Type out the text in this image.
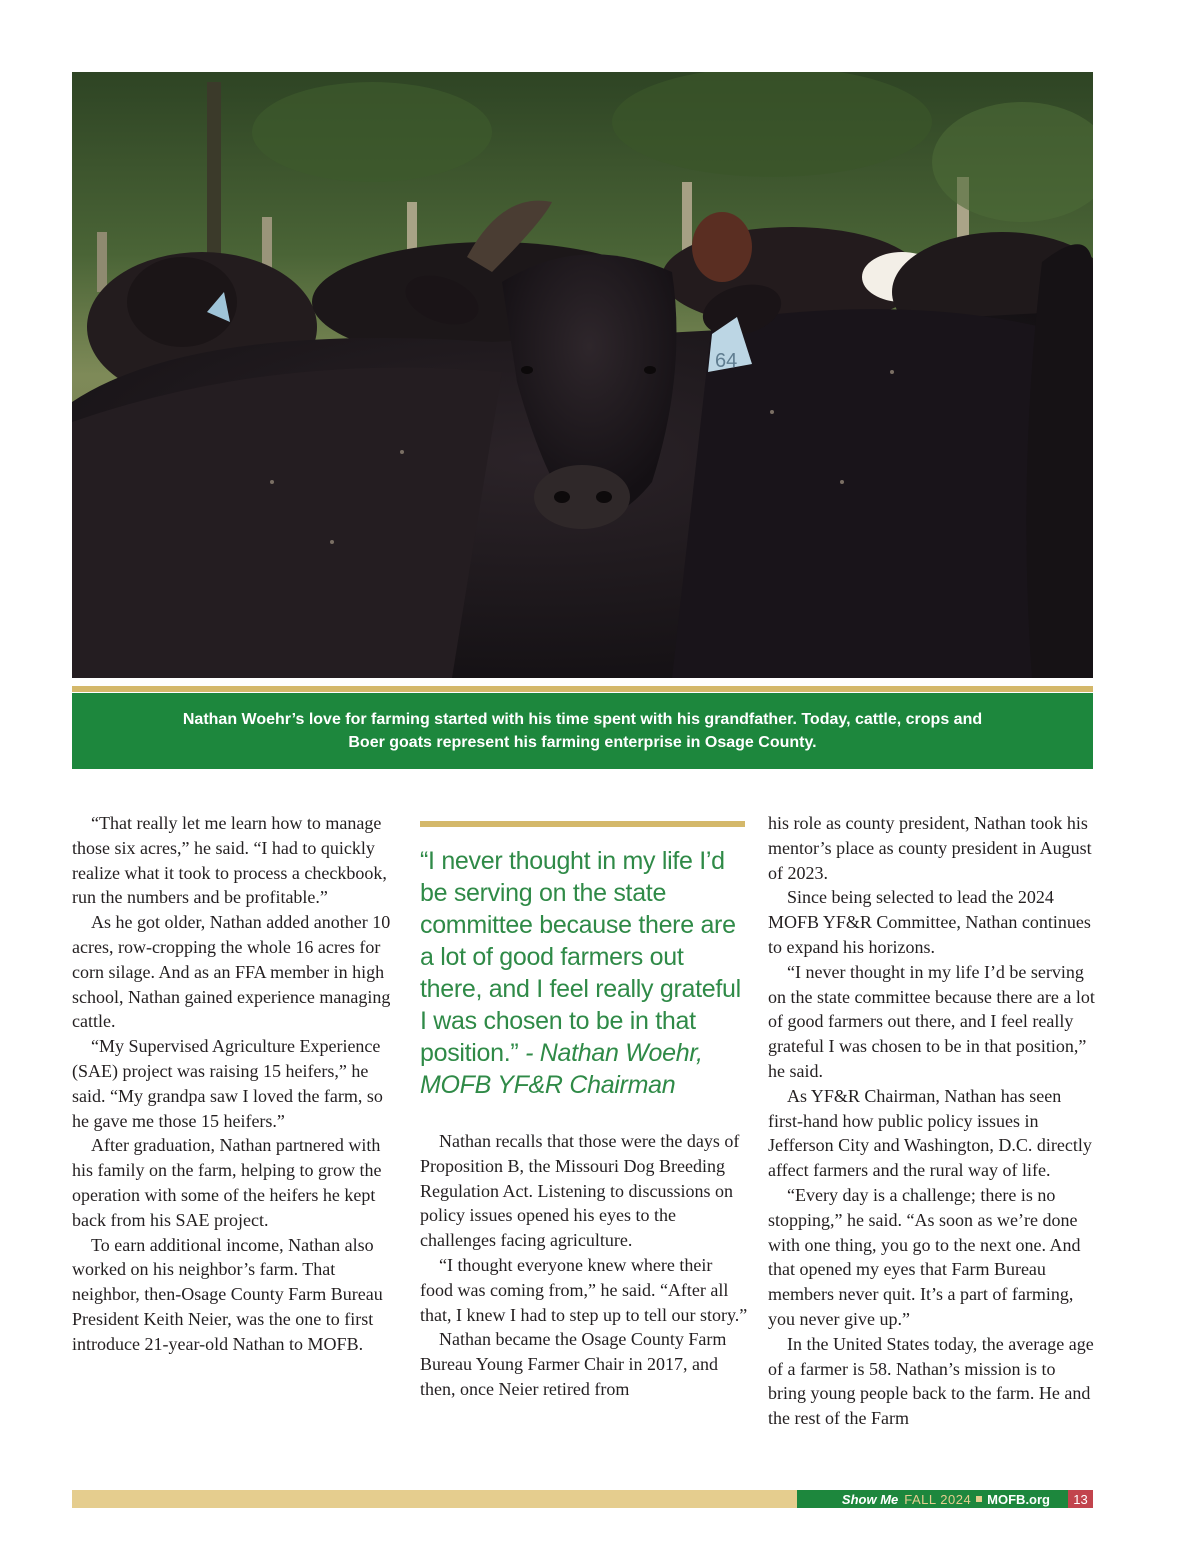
64
Nathan Woehr’s love for farming started with his time spent with his grandfather. Today, cattle, crops and Boer goats represent his farming enterprise in Osage County.

“That really let me learn how to manage those six acres,” he said. “I had to quickly realize what it took to process a checkbook, run the numbers and be profitable.”

As he got older, Nathan added another 10 acres, row-cropping the whole 16 acres for corn silage. And as an FFA member in high school, Nathan gained experience managing cattle.

“My Supervised Agriculture Experience (SAE) project was raising 15 heifers,” he said. “My grandpa saw I loved the farm, so he gave me those 15 heifers.”

After graduation, Nathan partnered with his family on the farm, helping to grow the operation with some of the heifers he kept back from his SAE project.

To earn additional income, Nathan also worked on his neighbor’s farm. That neighbor, then-Osage County Farm Bureau President Keith Neier, was the one to first introduce 21-year-old Nathan to MOFB.

“I never thought in my life I’d be serving on the state committee because there are a lot of good farmers out there, and I feel really grateful I was chosen to be in that position.” - Nathan Woehr, MOFB YF&R Chairman

Nathan recalls that those were the days of Proposition B, the Missouri Dog Breeding Regulation Act. Listening to discussions on policy issues opened his eyes to the challenges facing agriculture.

“I thought everyone knew where their food was coming from,” he said. “After all that, I knew I had to step up to tell our story.”

Nathan became the Osage County Farm Bureau Young Farmer Chair in 2017, and then, once Neier retired from

his role as county president, Nathan took his mentor’s place as county president in August of 2023.

Since being selected to lead the 2024 MOFB YF&R Committee, Nathan continues to expand his horizons.

“I never thought in my life I’d be serving on the state committee because there are a lot of good farmers out there, and I feel really grateful I was chosen to be in that position,” he said.

As YF&R Chairman, Nathan has seen first-hand how public policy issues in Jefferson City and Washington, D.C. directly affect farmers and the rural way of life.

“Every day is a challenge; there is no stopping,” he said. “As soon as we’re done with one thing, you go to the next one. And that opened my eyes that Farm Bureau members never quit. It’s a part of farming, you never give up.”

In the United States today, the average age of a farmer is 58. Nathan’s mission is to bring young people back to the farm. He and the rest of the Farm

Show Me FALL 2024 MOFB.org	13
